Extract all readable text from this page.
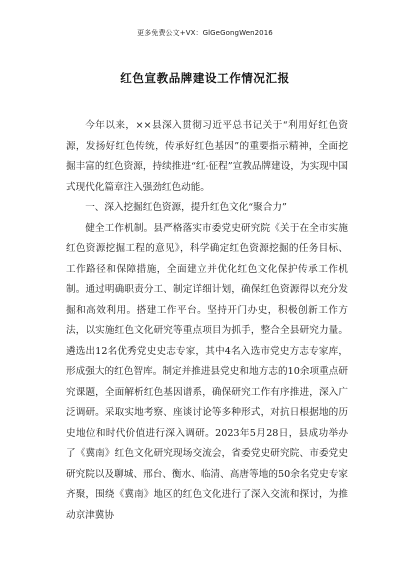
更多免费公文+VX：GlGeGongWen2016
红色宣教品牌建设工作情况汇报

今年以来，××县深入贯彻习近平总书记关于“利用好红色资源，发扬好红色传统，传承好红色基因”的重要指示精神，全面挖掘丰富的红色资源，持续推进“红·征程”宣教品牌建设，为实现中国式现代化篇章注入强劲红色动能。

一、深入挖掘红色资源，提升红色文化“聚合力”

健全工作机制。县严格落实市委党史研究院《关于在全市实施红色资源挖掘工程的意见》，科学确定红色资源挖掘的任务目标、工作路径和保障措施，全面建立并优化红色文化保护传承工作机制。通过明确职责分工、制定详细计划，确保红色资源得以充分发掘和高效利用。搭建工作平台。坚持开门办史，积极创新工作方法，以实施红色文化研究等重点项目为抓手，整合全县研究力量。遴选出12名优秀党史史志专家，其中4名入选市党史方志专家库，形成强大的红色智库。制定并推进县党史和地方志的10余项重点研究课题，全面解析红色基因谱系，确保研究工作有序推进，深入广泛调研。采取实地考察、座谈讨论等多种形式，对抗日根据地的历史地位和时代价值进行深入调研。2023年5月28日，县成功举办了《冀南》红色文化研究现场交流会，省委党史研究院、市委党史研究院以及聊城、邢台、衡水、临清、高唐等地的50余名党史专家齐聚，围绕《冀南》地区的红色文化进行了深入交流和探讨，为推动京津冀协
